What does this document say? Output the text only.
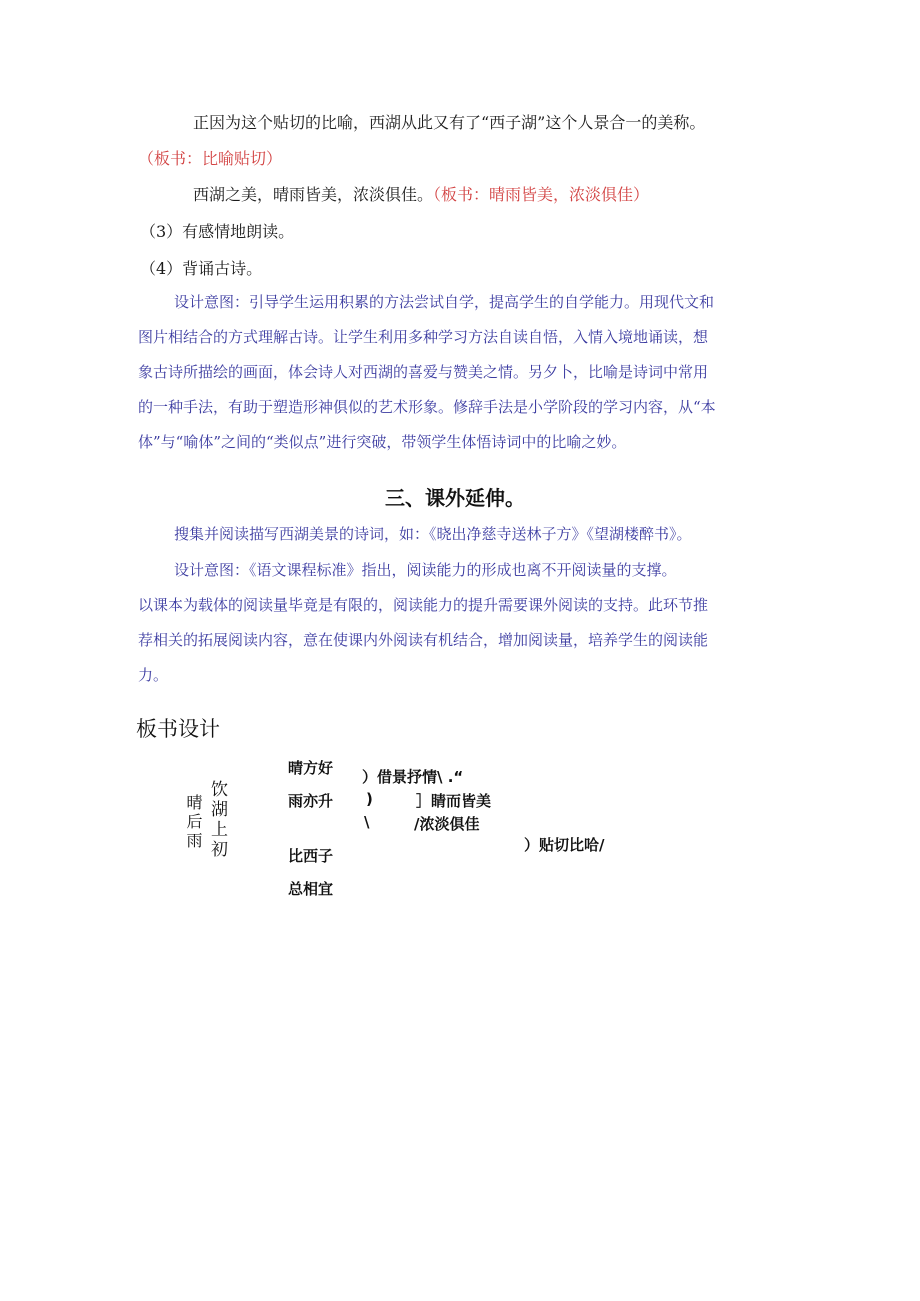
正因为这个贴切的比喻，西湖从此又有了“西子湖”这个人景合一的美称。
（板书：比喻贴切）
西湖之美，晴雨皆美，浓淡俱佳。（板书：晴雨皆美，浓淡俱佳）
（3）有感情地朗读。
（4）背诵古诗。
设计意图：引导学生运用积累的方法尝试自学，提高学生的自学能力。用现代文和
图片相结合的方式理解古诗。让学生利用多种学习方法自读自悟，入情入境地诵读，想
象古诗所描绘的画面，体会诗人对西湖的喜爱与赞美之情。另夕卜，比喻是诗词中常用
的一种手法，有助于塑造形神俱似的艺术形象。修辞手法是小学阶段的学习内容，从“本
体”与“喻体”之间的“类似点”进行突破，带领学生体悟诗词中的比喻之妙。
三、课外延伸。
搜集并阅读描写西湖美景的诗词，如：《晓出净慈寺送林子方》《望湖楼醉书》。
设计意图：《语文课程标准》指出，阅读能力的形成也离不开阅读量的支撑。
以课本为载体的阅读量毕竟是有限的，阅读能力的提升需要课外阅读的支持。此环节推
荐相关的拓展阅读内容，意在使课内外阅读有机结合，增加阅读量，培养学生的阅读能
力。
板书设计
晴后雨 饮湖上初
晴方好
雨亦升
比西子
总相宜
）借景抒情\ .“
)	］睛而皆美
\	/浓淡俱佳
）贴切比哈/
